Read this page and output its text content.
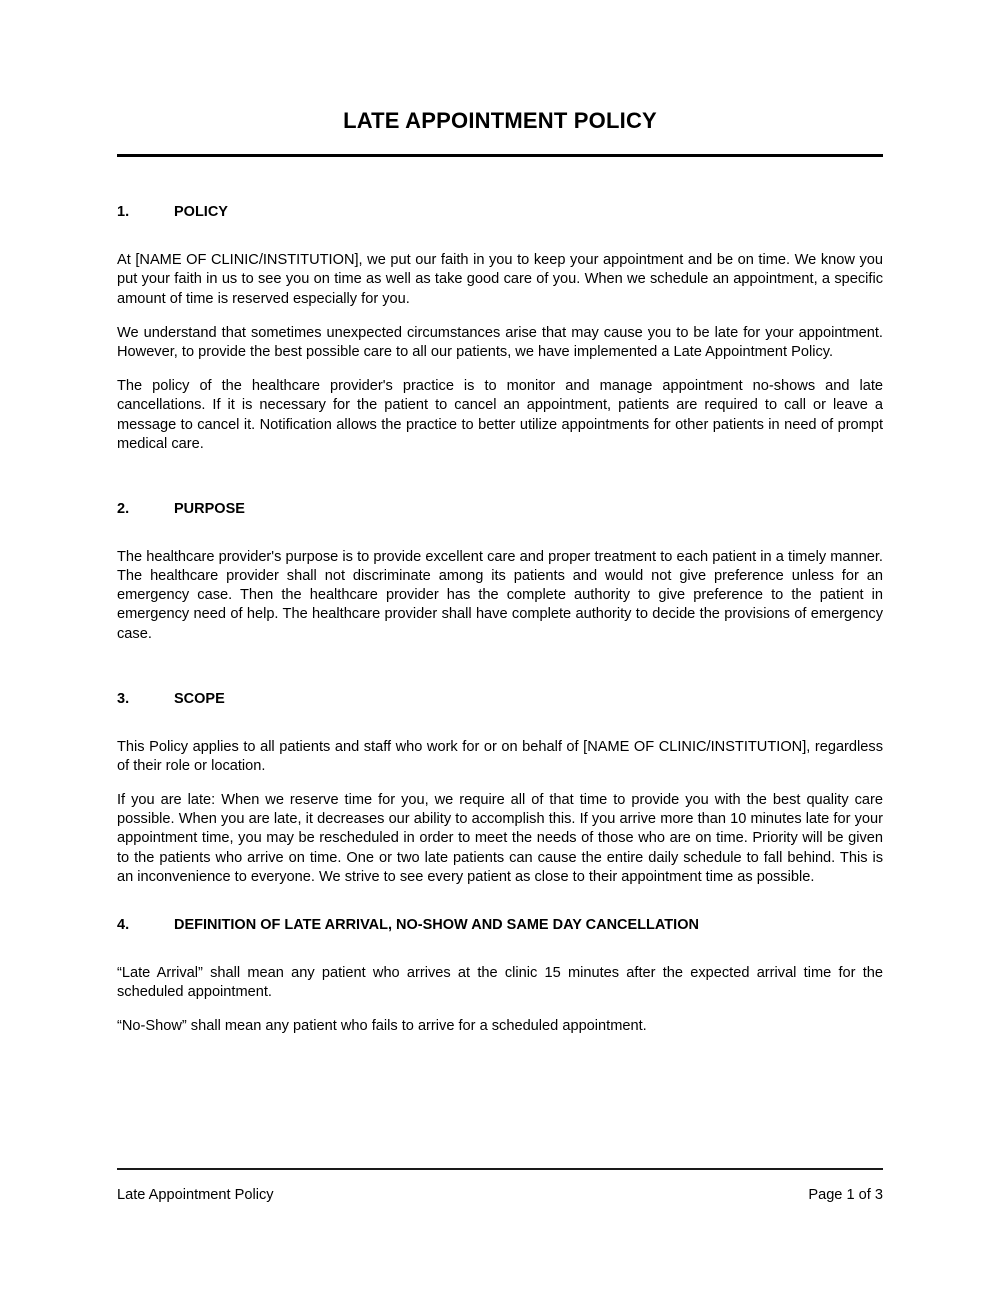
LATE APPOINTMENT POLICY
1.	POLICY

At [NAME OF CLINIC/INSTITUTION], we put our faith in you to keep your appointment and be on time. We know you put your faith in us to see you on time as well as take good care of you. When we schedule an appointment, a specific amount of time is reserved especially for you.

We understand that sometimes unexpected circumstances arise that may cause you to be late for your appointment. However, to provide the best possible care to all our patients, we have implemented a Late Appointment Policy.

The policy of the healthcare provider's practice is to monitor and manage appointment no-shows and late cancellations. If it is necessary for the patient to cancel an appointment, patients are required to call or leave a message to cancel it. Notification allows the practice to better utilize appointments for other patients in need of prompt medical care.

2.	PURPOSE

The healthcare provider's purpose is to provide excellent care and proper treatment to each patient in a timely manner. The healthcare provider shall not discriminate among its patients and would not give preference unless for an emergency case. Then the healthcare provider has the complete authority to give preference to the patient in emergency need of help. The healthcare provider shall have complete authority to decide the provisions of emergency case.

3.	SCOPE

This Policy applies to all patients and staff who work for or on behalf of [NAME OF CLINIC/INSTITUTION], regardless of their role or location.

If you are late: When we reserve time for you, we require all of that time to provide you with the best quality care possible. When you are late, it decreases our ability to accomplish this. If you arrive more than 10 minutes late for your appointment time, you may be rescheduled in order to meet the needs of those who are on time. Priority will be given to the patients who arrive on time. One or two late patients can cause the entire daily schedule to fall behind. This is an inconvenience to everyone. We strive to see every patient as close to their appointment time as possible.

4.	DEFINITION OF LATE ARRIVAL, NO-SHOW AND SAME DAY CANCELLATION

“Late Arrival” shall mean any patient who arrives at the clinic 15 minutes after the expected arrival time for the scheduled appointment.

“No-Show” shall mean any patient who fails to arrive for a scheduled appointment.

Late Appointment Policy	Page 1 of 3
